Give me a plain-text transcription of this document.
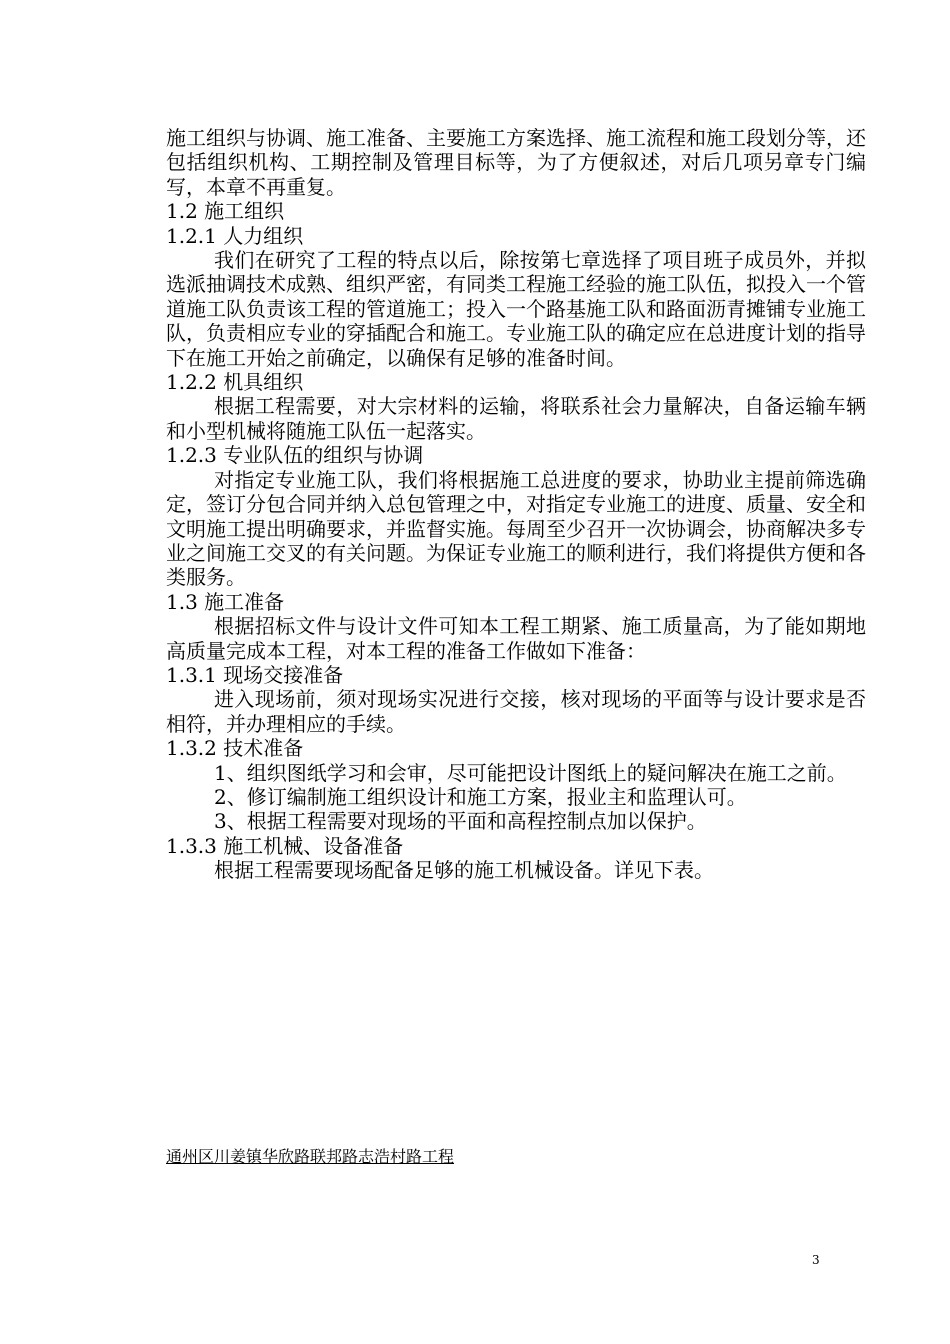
施工组织与协调、施工准备、主要施工方案选择、施工流程和施工段划分等，还包括组织机构、工期控制及管理目标等，为了方便叙述，对后几项另章专门编写，本章不再重复。

1.2 施工组织

1.2.1 人力组织

我们在研究了工程的特点以后，除按第七章选择了项目班子成员外，并拟选派抽调技术成熟、组织严密，有同类工程施工经验的施工队伍，拟投入一个管道施工队负责该工程的管道施工；投入一个路基施工队和路面沥青摊铺专业施工队，负责相应专业的穿插配合和施工。专业施工队的确定应在总进度计划的指导下在施工开始之前确定，以确保有足够的准备时间。

1.2.2 机具组织

根据工程需要，对大宗材料的运输，将联系社会力量解决，自备运输车辆和小型机械将随施工队伍一起落实。

1.2.3 专业队伍的组织与协调

对指定专业施工队，我们将根据施工总进度的要求，协助业主提前筛选确定，签订分包合同并纳入总包管理之中，对指定专业施工的进度、质量、安全和文明施工提出明确要求，并监督实施。每周至少召开一次协调会，协商解决多专业之间施工交叉的有关问题。为保证专业施工的顺利进行，我们将提供方便和各类服务。

1.3 施工准备

根据招标文件与设计文件可知本工程工期紧、施工质量高，为了能如期地高质量完成本工程，对本工程的准备工作做如下准备：

1.3.1 现场交接准备

进入现场前，须对现场实况进行交接，核对现场的平面等与设计要求是否相符，并办理相应的手续。

1.3.2 技术准备

1、组织图纸学习和会审，尽可能把设计图纸上的疑问解决在施工之前。

2、修订编制施工组织设计和施工方案，报业主和监理认可。

3、根据工程需要对现场的平面和高程控制点加以保护。

1.3.3 施工机械、设备准备

根据工程需要现场配备足够的施工机械设备。详见下表。

通州区川姜镇华欣路联邦路志浩村路工程
3
